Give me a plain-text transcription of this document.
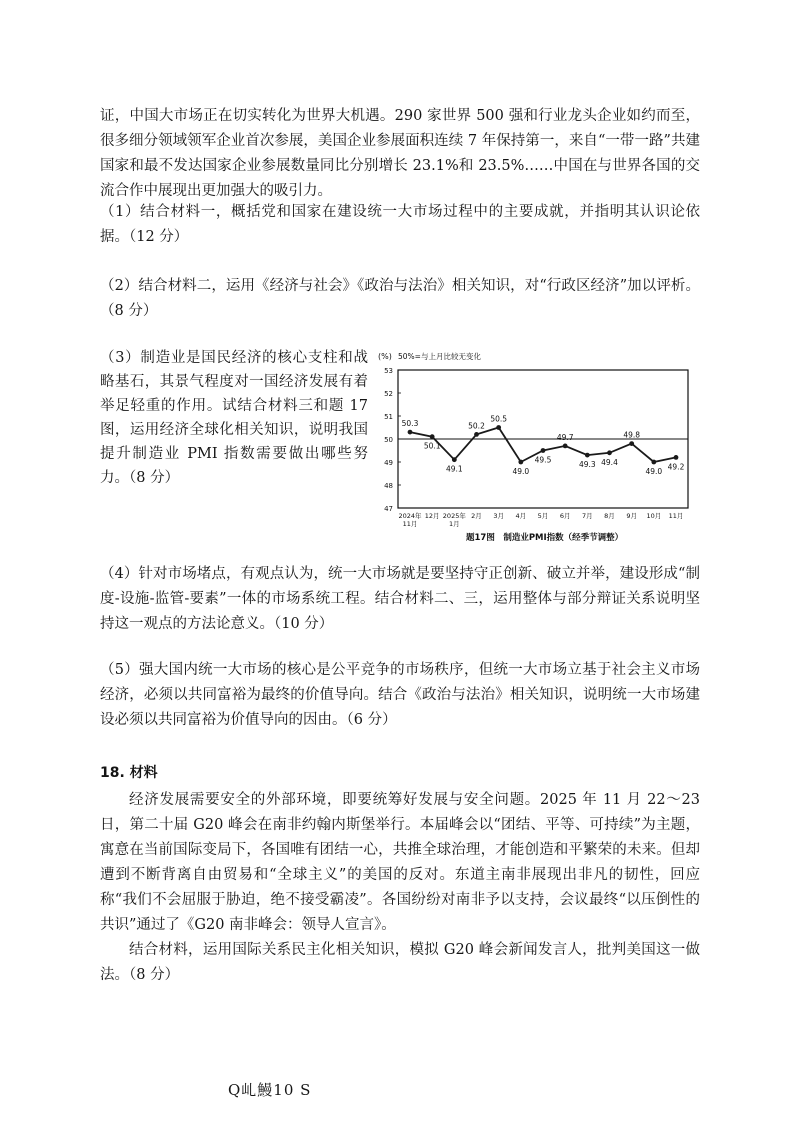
证，中国大市场正在切实转化为世界大机遇。290 家世界 500 强和行业龙头企业如约而至，很多细分领域领军企业首次参展，美国企业参展面积连续 7 年保持第一，来自“一带一路”共建国家和最不发达国家企业参展数量同比分别增长 23.1%和 23.5%……中国在与世界各国的交流合作中展现出更加强大的吸引力。

（1）结合材料一，概括党和国家在建设统一大市场过程中的主要成就，并指明其认识论依据。（12 分）

（2）结合材料二，运用《经济与社会》《政治与法治》相关知识，对“行政区经济”加以评析。（8 分）

（3）制造业是国民经济的核心支柱和战略基石，其景气程度对一国经济发展有着举足轻重的作用。试结合材料三和题 17 图，运用经济全球化相关知识，说明我国提升制造业 PMI 指数需要做出哪些努力。（8 分）

(%) 50%=与上月比较无变化
53
52
51
50
49
48
47
50.3
50.1
49.1
50.2
50.5
49.0
49.5
49.7
49.3 49.4
49.8
49.0
49.2
2024年
11月
12月 2025年
1月
2月 3月 4月 5月 6月 7月 8月 9月 10月 11月
题17图　制造业PMI指数（经季节调整）

（4）针对市场堵点，有观点认为，统一大市场就是要坚持守正创新、破立并举，建设形成“制度-设施-监管-要素”一体的市场系统工程。结合材料二、三，运用整体与部分辩证关系说明坚持这一观点的方法论意义。（10 分）

（5）强大国内统一大市场的核心是公平竞争的市场秩序，但统一大市场立基于社会主义市场经济，必须以共同富裕为最终的价值导向。结合《政治与法治》相关知识，说明统一大市场建设必须以共同富裕为价值导向的因由。（6 分）

18. 材料

经济发展需要安全的外部环境，即要统筹好发展与安全问题。2025 年 11 月 22～23 日，第二十届 G20 峰会在南非约翰内斯堡举行。本届峰会以“团结、平等、可持续”为主题，寓意在当前国际变局下，各国唯有团结一心，共推全球治理，才能创造和平繁荣的未来。但却遭到不断背离自由贸易和“全球主义”的美国的反对。东道主南非展现出非凡的韧性，回应称“我们不会屈服于胁迫，绝不接受霸凌”。各国纷纷对南非予以支持，会议最终“以压倒性的共识”通过了《G20 南非峰会：领导人宣言》。
结合材料，运用国际关系民主化相关知识，模拟 G20 峰会新闻发言人，批判美国这一做法。（8 分）

Q乢鰻10 S
